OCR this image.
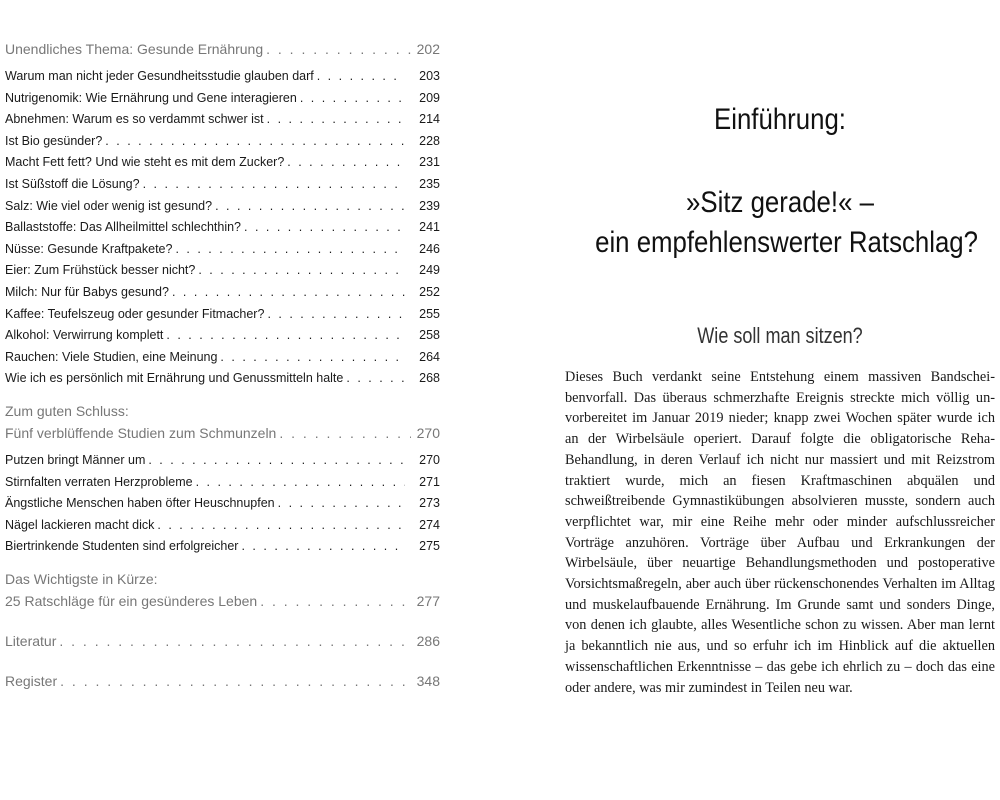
Unendliches Thema: Gesunde Ernährung . . .	202
Warum man nicht jeder Gesundheitsstudie glauben darf . . .	203
Nutrigenomik: Wie Ernährung und Gene interagieren . . .	209
Abnehmen: Warum es so verdammt schwer ist . . .	214
Ist Bio gesünder? . . .	228
Macht Fett fett? Und wie steht es mit dem Zucker? . . .	231
Ist Süßstoff die Lösung? . . .	235
Salz: Wie viel oder wenig ist gesund? . . .	239
Ballaststoffe: Das Allheilmittel schlechthin? . . .	241
Nüsse: Gesunde Kraftpakete? . . .	246
Eier: Zum Frühstück besser nicht? . . .	249
Milch: Nur für Babys gesund? . . .	252
Kaffee: Teufelszeug oder gesunder Fitmacher? . . .	255
Alkohol: Verwirrung komplett . . .	258
Rauchen: Viele Studien, eine Meinung . . .	264
Wie ich es persönlich mit Ernährung und Genussmitteln halte . . .	268
Zum guten Schluss:
Fünf verblüffende Studien zum Schmunzeln . . .	270
Putzen bringt Männer um . . .	270
Stirnfalten verraten Herzprobleme . . .	271
Ängstliche Menschen haben öfter Heuschnupfen . . .	273
Nägel lackieren macht dick . . .	274
Biertrinkende Studenten sind erfolgreicher . . .	275
Das Wichtigste in Kürze:
25 Ratschläge für ein gesünderes Leben . . .	277
Literatur . . .	286
Register . . .	348
Einführung:
»Sitz gerade!« –
ein empfehlenswerter Ratschlag?
Wie soll man sitzen?

Dieses Buch verdankt seine Entstehung einem massiven Bandscheibenvorfall. Das überaus schmerzhafte Ereignis streckte mich völlig unvorbereitet im Januar 2019 nieder; knapp zwei Wochen später wurde ich an der Wirbelsäule operiert. Darauf folgte die obligatorische Reha-Behandlung, in deren Verlauf ich nicht nur massiert und mit Reizstrom traktiert wurde, mich an fiesen Kraftmaschinen abquälen und schweißtreibende Gymnastikübungen absolvieren musste, sondern auch verpflichtet war, mir eine Reihe mehr oder minder aufschlussreicher Vorträge anzuhören. Vorträge über Aufbau und Erkrankungen der Wirbelsäule, über neuartige Behandlungsmethoden und postoperative Vorsichtsmaßregeln, aber auch über rückenschonendes Verhalten im Alltag und muskelaufbauende Ernährung. Im Grunde samt und sonders Dinge, von denen ich glaubte, alles Wesentliche schon zu wissen. Aber man lernt ja bekanntlich nie aus, und so erfuhr ich im Hinblick auf die aktuellen wissenschaftlichen Erkenntnisse – das gebe ich ehrlich zu – doch das eine oder andere, was mir zumindest in Teilen neu war.
